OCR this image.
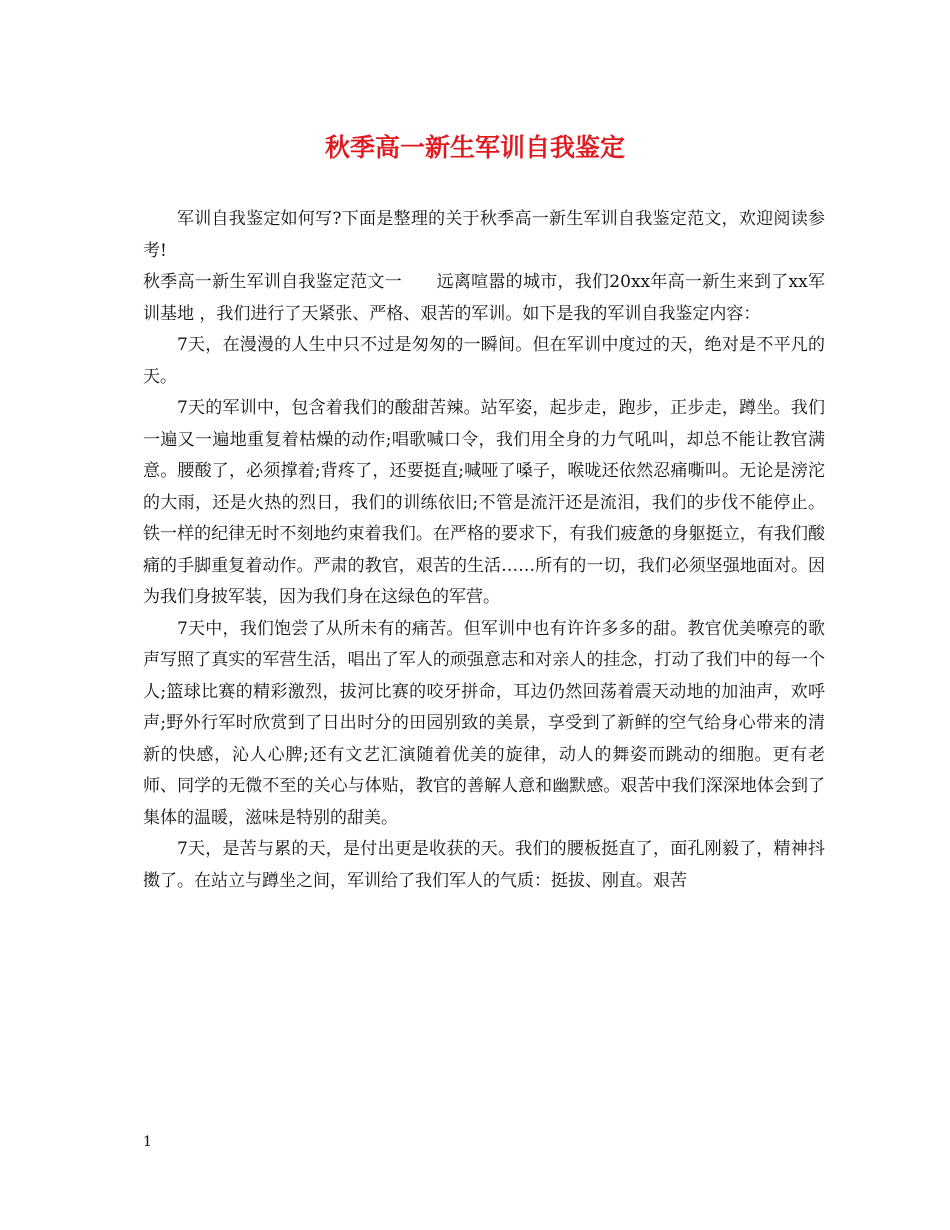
秋季高一新生军训自我鉴定

军训自我鉴定如何写?下面是整理的关于秋季高一新生军训自我鉴定范文，欢迎阅读参考!

秋季高一新生军训自我鉴定范文一　　远离喧嚣的城市，我们20xx年高一新生来到了xx军训基地 ，我们进行了天紧张、严格、艰苦的军训。如下是我的军训自我鉴定内容：

7天，在漫漫的人生中只不过是匆匆的一瞬间。但在军训中度过的天，绝对是不平凡的天。

7天的军训中，包含着我们的酸甜苦辣。站军姿，起步走，跑步，正步走，蹲坐。我们一遍又一遍地重复着枯燥的动作;唱歌喊口令，我们用全身的力气吼叫，却总不能让教官满意。腰酸了，必须撑着;背疼了，还要挺直;喊哑了嗓子，喉咙还依然忍痛嘶叫。无论是滂沱的大雨，还是火热的烈日，我们的训练依旧;不管是流汗还是流泪，我们的步伐不能停止。铁一样的纪律无时不刻地约束着我们。在严格的要求下，有我们疲惫的身躯挺立，有我们酸痛的手脚重复着动作。严肃的教官，艰苦的生活……所有的一切，我们必须坚强地面对。因为我们身披军装，因为我们身在这绿色的军营。

7天中，我们饱尝了从所未有的痛苦。但军训中也有许许多多的甜。教官优美嘹亮的歌声写照了真实的军营生活，唱出了军人的顽强意志和对亲人的挂念，打动了我们中的每一个人;篮球比赛的精彩激烈，拔河比赛的咬牙拼命，耳边仍然回荡着震天动地的加油声，欢呼声;野外行军时欣赏到了日出时分的田园别致的美景，享受到了新鲜的空气给身心带来的清新的快感，沁人心脾;还有文艺汇演随着优美的旋律，动人的舞姿而跳动的细胞。更有老师、同学的无微不至的关心与体贴，教官的善解人意和幽默感。艰苦中我们深深地体会到了集体的温暖，滋味是特别的甜美。

7天，是苦与累的天，是付出更是收获的天。我们的腰板挺直了，面孔刚毅了，精神抖擞了。在站立与蹲坐之间，军训给了我们军人的气质：挺拔、刚直。艰苦

1
